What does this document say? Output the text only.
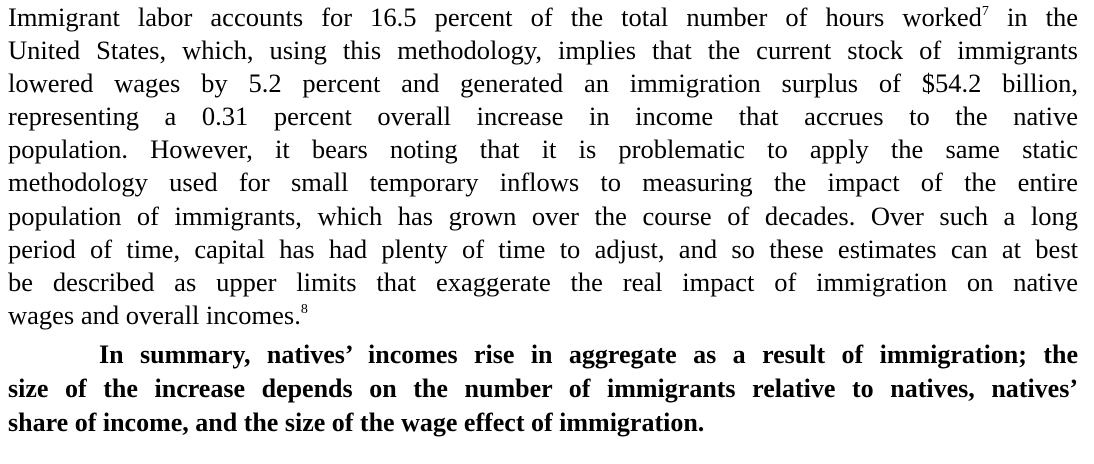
Immigrant labor accounts for 16.5 percent of the total number of hours worked$^7$ in the
United States, which, using this methodology, implies that the current stock of immigrants
lowered wages by 5.2 percent and generated an immigration surplus of $54.2 billion,
representing a 0.31 percent overall increase in income that accrues to the native
population. However, it bears noting that it is problematic to apply the same static
methodology used for small temporary inflows to measuring the impact of the entire
population of immigrants, which has grown over the course of decades. Over such a long
period of time, capital has had plenty of time to adjust, and so these estimates can at best
be described as upper limits that exaggerate the real impact of immigration on native
wages and overall incomes.$^8$
In summary, natives’ incomes rise in aggregate as a result of immigration; the
size of the increase depends on the number of immigrants relative to natives, natives’
share of income, and the size of the wage effect of immigration.
